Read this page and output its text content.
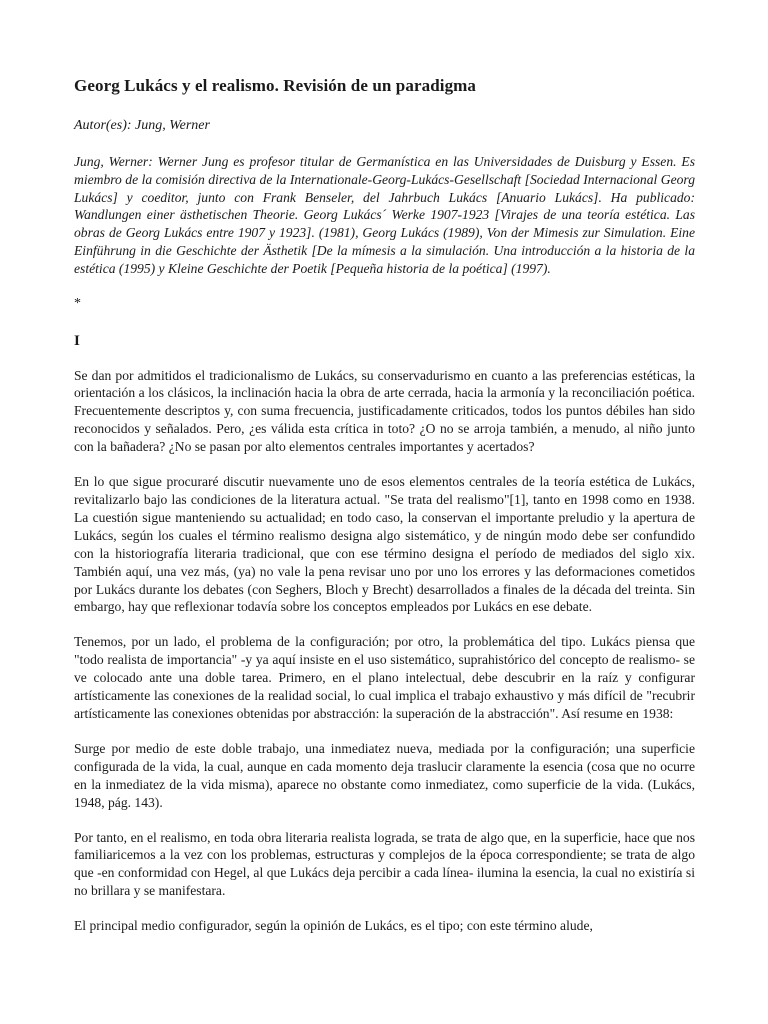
Georg Lukács y el realismo. Revisión de un paradigma
Autor(es): Jung, Werner
Jung, Werner: Werner Jung es profesor titular de Germanística en las Universidades de Duisburg y Essen. Es miembro de la comisión directiva de la Internationale-Georg-Lukács-Gesellschaft [Sociedad Internacional Georg Lukács] y coeditor, junto con Frank Benseler, del Jahrbuch Lukács [Anuario Lukács]. Ha publicado: Wandlungen einer ästhetischen Theorie. Georg Lukács´ Werke 1907-1923 [Virajes de una teoría estética. Las obras de Georg Lukács entre 1907 y 1923]. (1981), Georg Lukács (1989), Von der Mimesis zur Simulation. Eine Einführung in die Geschichte der Ästhetik [De la mímesis a la simulación. Una introducción a la historia de la estética (1995) y Kleine Geschichte der Poetik [Pequeña historia de la poética] (1997).
*
I

Se dan por admitidos el tradicionalismo de Lukács, su conservadurismo en cuanto a las preferencias estéticas, la orientación a los clásicos, la inclinación hacia la obra de arte cerrada, hacia la armonía y la reconciliación poética. Frecuentemente descriptos y, con suma frecuencia, justificadamente criticados, todos los puntos débiles han sido reconocidos y señalados. Pero, ¿es válida esta crítica in toto? ¿O no se arroja también, a menudo, al niño junto con la bañadera? ¿No se pasan por alto elementos centrales importantes y acertados?

En lo que sigue procuraré discutir nuevamente uno de esos elementos centrales de la teoría estética de Lukács, revitalizarlo bajo las condiciones de la literatura actual. "Se trata del realismo"[1], tanto en 1998 como en 1938. La cuestión sigue manteniendo su actualidad; en todo caso, la conservan el importante preludio y la apertura de Lukács, según los cuales el término realismo designa algo sistemático, y de ningún modo debe ser confundido con la historiografía literaria tradicional, que con ese término designa el período de mediados del siglo xix. También aquí, una vez más, (ya) no vale la pena revisar uno por uno los errores y las deformaciones cometidos por Lukács durante los debates (con Seghers, Bloch y Brecht) desarrollados a finales de la década del treinta. Sin embargo, hay que reflexionar todavía sobre los conceptos empleados por Lukács en ese debate.

Tenemos, por un lado, el problema de la configuración; por otro, la problemática del tipo. Lukács piensa que "todo realista de importancia" -y ya aquí insiste en el uso sistemático, suprahistórico del concepto de realismo- se ve colocado ante una doble tarea. Primero, en el plano intelectual, debe descubrir en la raíz y configurar artísticamente las conexiones de la realidad social, lo cual implica el trabajo exhaustivo y más difícil de "recubrir artísticamente las conexiones obtenidas por abstracción: la superación de la abstracción". Así resume en 1938:

Surge por medio de este doble trabajo, una inmediatez nueva, mediada por la configuración; una superficie configurada de la vida, la cual, aunque en cada momento deja traslucir claramente la esencia (cosa que no ocurre en la inmediatez de la vida misma), aparece no obstante como inmediatez, como superficie de la vida. (Lukács, 1948, pág. 143).

Por tanto, en el realismo, en toda obra literaria realista lograda, se trata de algo que, en la superficie, hace que nos familiaricemos a la vez con los problemas, estructuras y complejos de la época correspondiente; se trata de algo que -en conformidad con Hegel, al que Lukács deja percibir a cada línea- ilumina la esencia, la cual no existiría si no brillara y se manifestara.

El principal medio configurador, según la opinión de Lukács, es el tipo; con este término alude,
